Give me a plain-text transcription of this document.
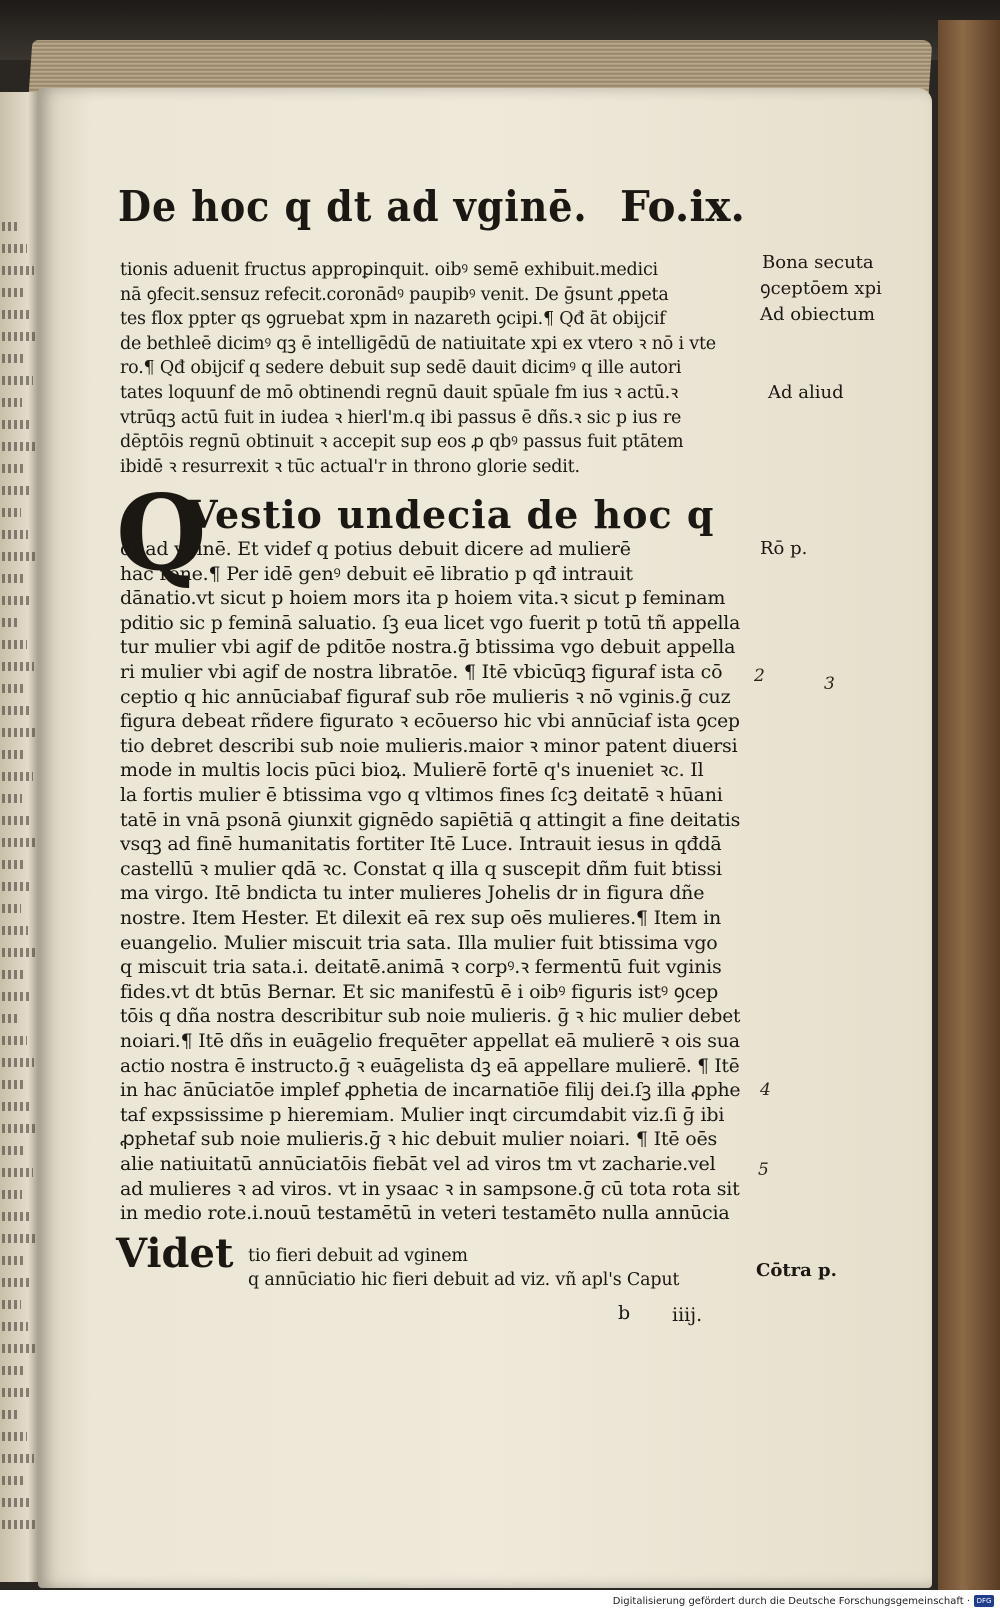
De hoc q dt ad vginē. Fo.ix.
tionis aduenit fructus approꝑinquit. oibꝰ semē exhibuit.medici
nā ꝯfecit.sensuz refecit.coronādꝰ paupibꝰ venit. De ḡsunt ꝓpeta
tes flox ppter qs ꝯgruebat xpm in nazareth ꝯcipi.¶ Qđ āt obijcif
de bethleē dicimꝰ qꝫ ē intelligēdū de natiuitate xpi ex vtero ꝛ nō i vte
ro.¶ Qđ obijcif q sedere debuit sup sedē dauit dicimꝰ q ille autori
tates loquunf de mō obtinendi regnū dauit spūale fm ius ꝛ actū.ꝛ
vtrūqꝫ actū fuit in iudea ꝛ hierl'm.q ibi passus ē dñs.ꝛ sic p ius re
dēptōis regnū obtinuit ꝛ accepit sup eos ꝓ qbꝰ passus fuit ptātem
ibidē ꝛ resurrexit ꝛ tūc actual'r in throno glorie sedit.
Q
Vestio undecia de hoc q
dt ad vginē. Et videf q potius debuit dicere ad mulierē
hac rōne.¶ Per idē genꝰ debuit eē libratio p qđ intrauit
dānatio.vt sicut p hoiem mors ita p hoiem vita.ꝛ sicut p feminam
pditio sic p feminā saluatio. ſꝫ eua licet vgo fuerit p totū tñ appella
tur mulier vbi agif de pditōe nostra.ḡ btissima vgo debuit appella
ri mulier vbi agif de nostra libratōe. ¶ Itē vbicūqꝫ figuraf ista cō
ceptio q hic annūciabaf figuraf sub rōe mulieris ꝛ nō vginis.ḡ cuz
figura debeat rñdere figurato ꝛ ecōuerso hic vbi annūciaf ista ꝯcep
tio debret describi sub noie mulieris.maior ꝛ minor patent diuersi
mode in multis locis pūci bioꝝ. Mulierē fortē q's inueniet ꝛc. Il
la fortis mulier ē btissima vgo q vltimos fines ſcꝫ deitatē ꝛ hūani
tatē in vnā psonā ꝯiunxit gignēdo sapiētiā q attingit a fine deitatis
vsqꝫ ad finē humanitatis fortiter Itē Luce. Intrauit iesus in qđdā
castellū ꝛ mulier qdā ꝛc. Constat q illa q suscepit dñm fuit btissi
ma virgo. Itē bndicta tu inter mulieres Johelis dr in figura dñe
nostre. Item Hester. Et dilexit eā rex sup oēs mulieres.¶ Item in
euangelio. Mulier miscuit tria sata. Illa mulier fuit btissima vgo
q miscuit tria sata.i. deitatē.animā ꝛ corpꝰ.ꝛ fermentū fuit vginis
fides.vt dt btūs Bernar. Et sic manifestū ē i oibꝰ figuris istꝰ ꝯcep
tōis q dña nostra describitur sub noie mulieris. ḡ ꝛ hic mulier debet
noiari.¶ Itē dñs in euāgelio frequēter appellat eā mulierē ꝛ ois sua
actio nostra ē instructo.ḡ ꝛ euāgelista dꝫ eā appellare mulierē. ¶ Itē
in hac ānūciatōe implef ꝓphetia de incarnatiōe filij dei.ſꝫ illa ꝓphe
taf expssissime p hieremiam. Mulier inqt circumdabit viz.ſi ḡ ibi
ꝓphetaf sub noie mulieris.ḡ ꝛ hic debuit mulier noiari. ¶ Itē oēs
alie natiuitatū annūciatōis fiebāt vel ad viros tm vt zacharie.vel
ad mulieres ꝛ ad viros. vt in ysaac ꝛ in sampsone.ḡ cū tota rota sit
in medio rote.i.nouū testamētū in veteri testamēto nulla annūcia
Videt tio fieri debuit ad vginem
q annūciatio hic fieri debuit ad viz. vñ apl's Caput
b iiij.
Bona secuta
ꝯceptōem xpi
Ad obiectum
Ad aliud
Rō p.
2	3
4
5
Cōtra p.
Digitalisierung gefördert durch die Deutsche Forschungsgemeinschaft · DFG
